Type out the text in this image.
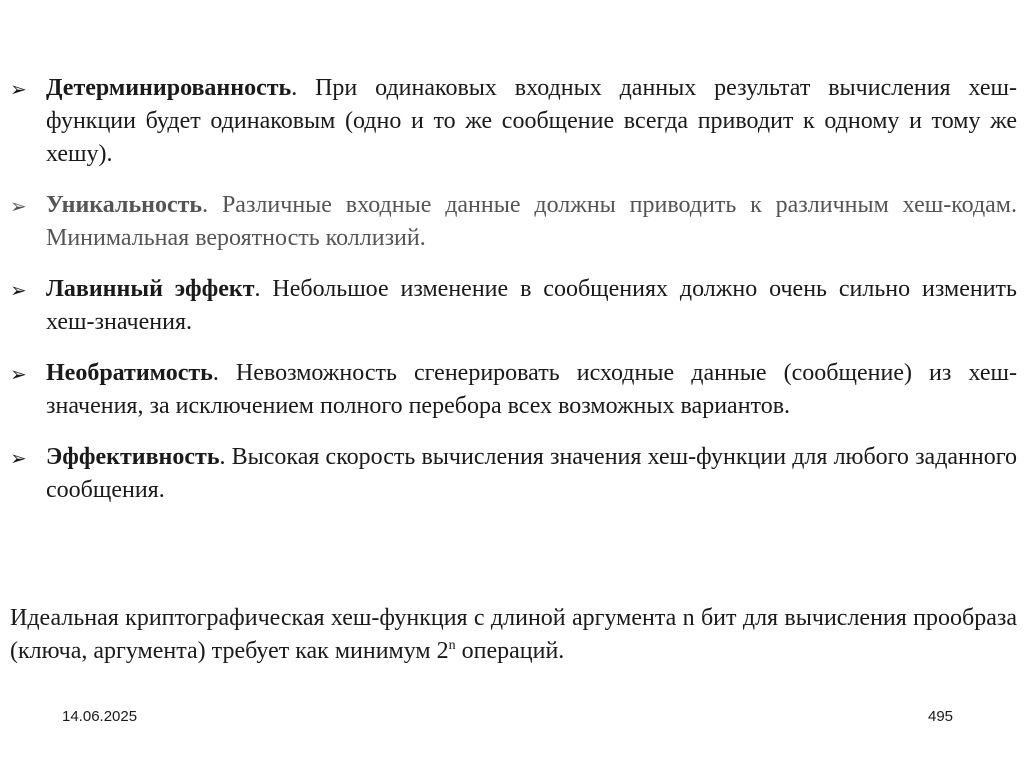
➢ Детерминированность. При одинаковых входных данных результат вычисления хеш-функции будет одинаковым (одно и то же сообщение всегда приводит к одному и тому же хешу).
➢ Уникальность. Различные входные данные должны приводить к различным хеш-кодам. Минимальная вероятность коллизий.
➢ Лавинный эффект. Небольшое изменение в сообщениях должно очень сильно изменить хеш-значения.
➢ Необратимость. Невозможность сгенерировать исходные данные (сообщение) из хеш-значения, за исключением полного перебора всех возможных вариантов.
➢ Эффективность. Высокая скорость вычисления значения хеш-функции для любого заданного сообщения.

Идеальная криптографическая хеш-функция с длиной аргумента n бит для вычисления прообраза (ключа, аргумента) требует как минимум 2$^n$ операций.

14.06.2025	495
